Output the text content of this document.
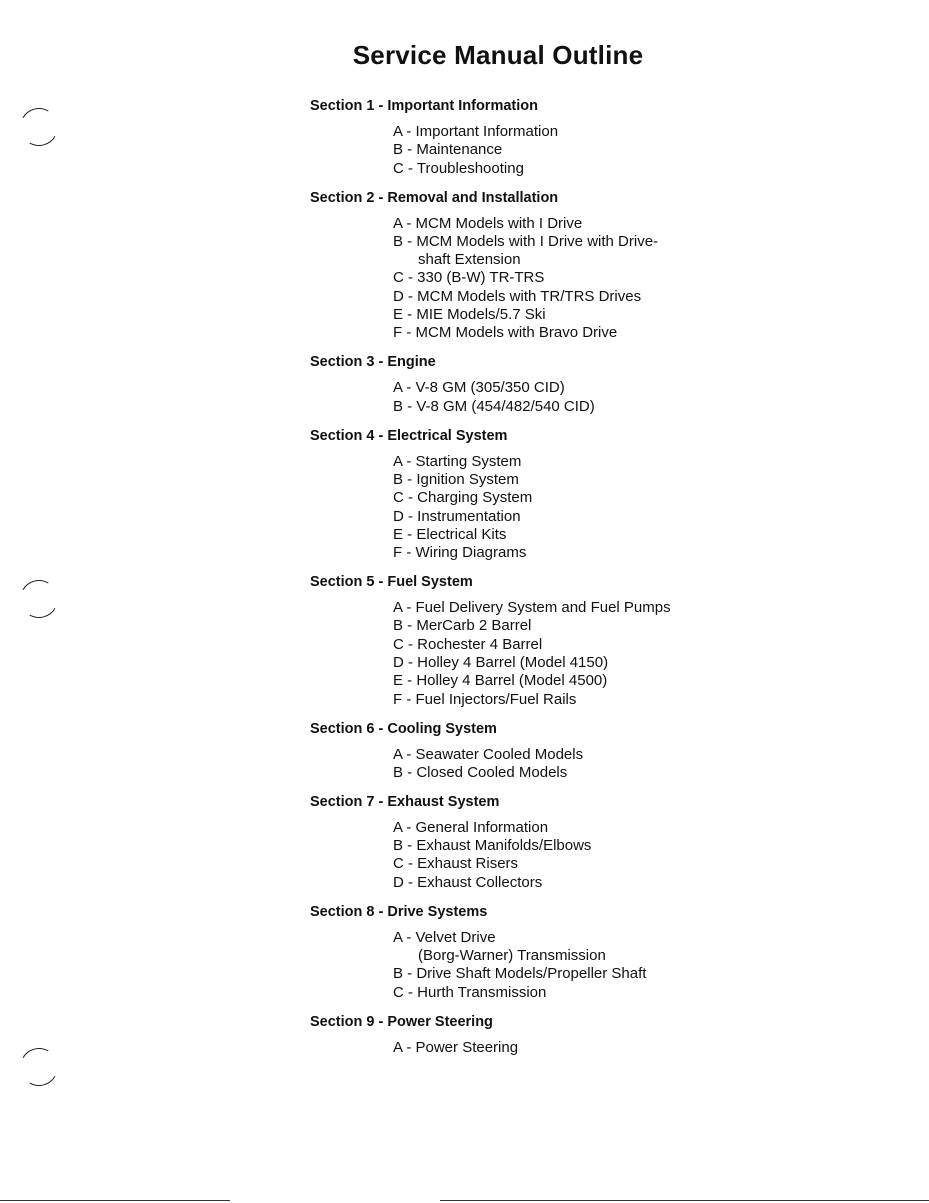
Service Manual Outline
Section 1 - Important Information
A - Important Information
B - Maintenance
C - Troubleshooting
Section 2 - Removal and Installation
A - MCM Models with I Drive
B - MCM Models with I Drive with Drive-
shaft Extension
C - 330 (B-W) TR-TRS
D - MCM Models with TR/TRS Drives
E - MIE Models/5.7 Ski
F - MCM Models with Bravo Drive
Section 3 - Engine
A - V-8 GM (305/350 CID)
B - V-8 GM (454/482/540 CID)
Section 4 - Electrical System
A - Starting System
B - Ignition System
C - Charging System
D - Instrumentation
E - Electrical Kits
F - Wiring Diagrams
Section 5 - Fuel System
A - Fuel Delivery System and Fuel Pumps
B - MerCarb 2 Barrel
C - Rochester 4 Barrel
D - Holley 4 Barrel (Model 4150)
E - Holley 4 Barrel (Model 4500)
F - Fuel Injectors/Fuel Rails
Section 6 - Cooling System
A - Seawater Cooled Models
B - Closed Cooled Models
Section 7 - Exhaust System
A - General Information
B - Exhaust Manifolds/Elbows
C - Exhaust Risers
D - Exhaust Collectors
Section 8 - Drive Systems
A - Velvet Drive
(Borg-Warner) Transmission
B - Drive Shaft Models/Propeller Shaft
C - Hurth Transmission
Section 9 - Power Steering
A - Power Steering
